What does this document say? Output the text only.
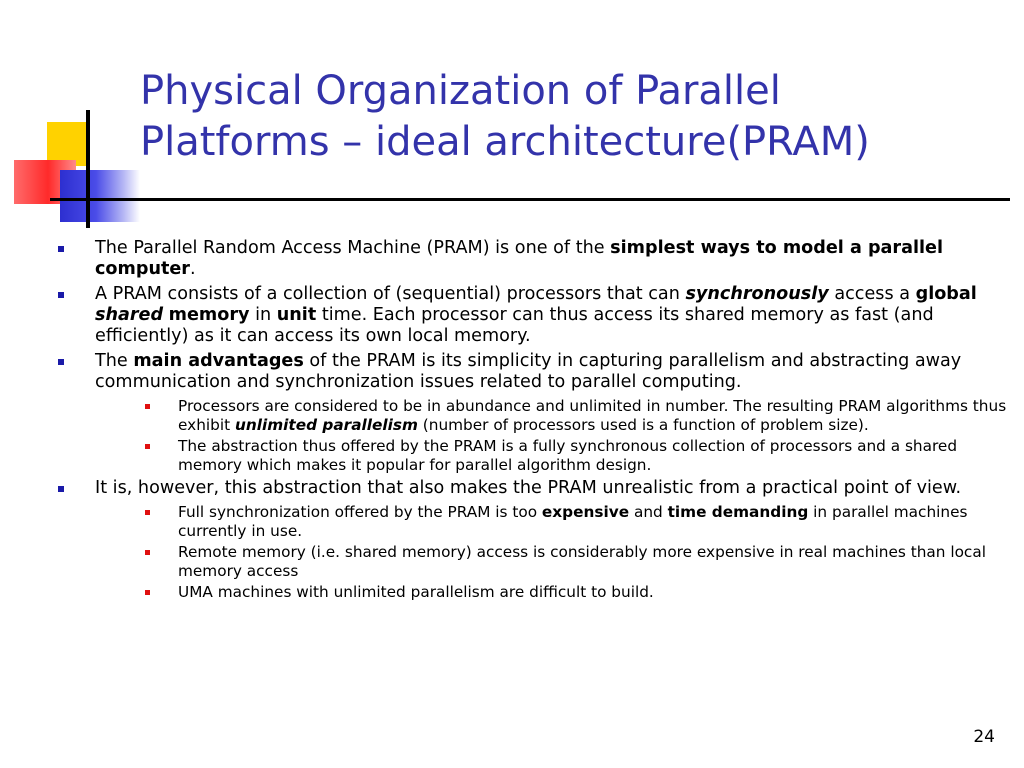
Physical Organization of Parallel
Platforms – ideal architecture(PRAM)
The Parallel Random Access Machine (PRAM) is one of the simplest ways to model a parallel computer.
A PRAM consists of a collection of (sequential) processors that can synchronously access a global shared memory in unit time. Each processor can thus access its shared memory as fast (and efficiently) as it can access its own local memory.
The main advantages of the PRAM is its simplicity in capturing parallelism and abstracting away communication and synchronization issues related to parallel computing.
Processors are considered to be in abundance and unlimited in number. The resulting PRAM algorithms thus exhibit unlimited parallelism (number of processors used is a function of problem size).
The abstraction thus offered by the PRAM is a fully synchronous collection of processors and a shared memory which makes it popular for parallel algorithm design.
It is, however, this abstraction that also makes the PRAM unrealistic from a practical point of view.
Full synchronization offered by the PRAM is too expensive and time demanding in parallel machines currently in use.
Remote memory (i.e. shared memory) access is considerably more expensive in real machines than local memory access
UMA machines with unlimited parallelism are difficult to build.
24
